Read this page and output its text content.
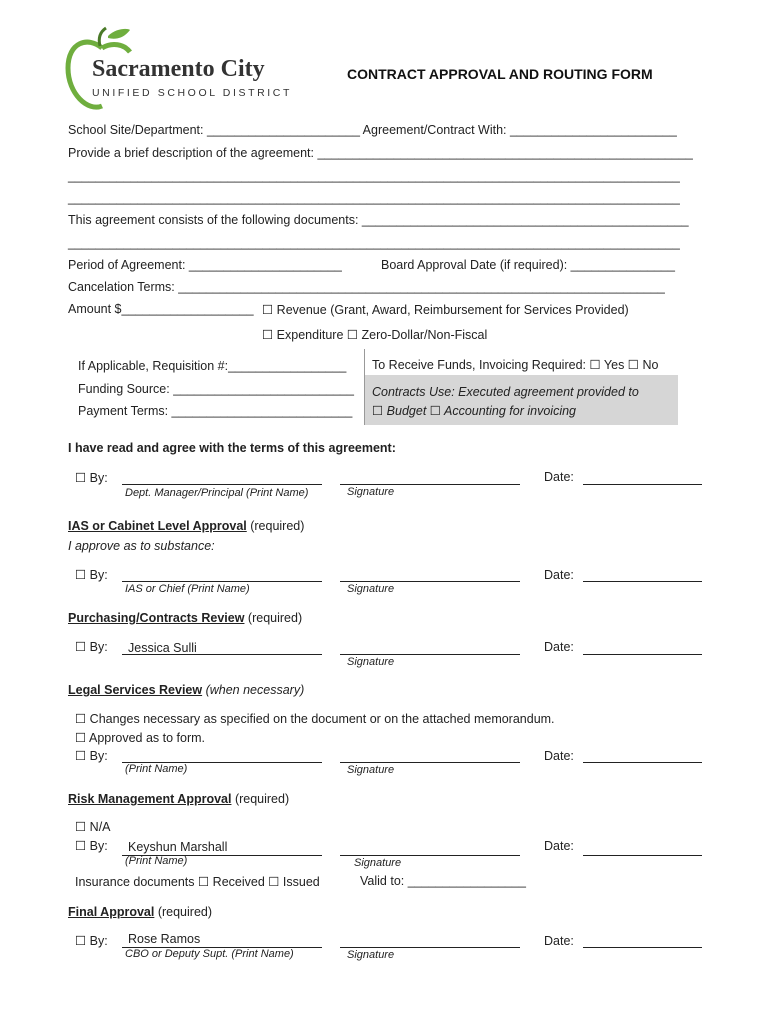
Sacramento City
UNIFIED SCHOOL DISTRICT
CONTRACT APPROVAL AND ROUTING FORM
School Site/Department: ______________________ Agreement/Contract With: ________________________
Provide a brief description of the agreement: ______________________________________________________
________________________________________________________________________________________
________________________________________________________________________________________
This agreement consists of the following documents: _______________________________________________
________________________________________________________________________________________
Period of Agreement: ______________________	Board Approval Date (if required): _______________
Cancelation Terms: ______________________________________________________________________
Amount $___________________ ☐ Revenue (Grant, Award, Reimbursement for Services Provided)
☐ Expenditure ☐ Zero-Dollar/Non-Fiscal
If Applicable, Requisition #:_________________
Funding Source: __________________________
Payment Terms: __________________________
To Receive Funds, Invoicing Required: ☐ Yes ☐ No
Contracts Use: Executed agreement provided to
☐ Budget ☐ Accounting for invoicing
I have read and agree with the terms of this agreement:
☐ By:
Dept. Manager/Principal (Print Name)	Signature
Date:
IAS or Cabinet Level Approval (required)
I approve as to substance:
☐ By:
IAS or Chief (Print Name)	Signature
Date:
Purchasing/Contracts Review (required)
☐ By: Jessica Sulli
Signature
Date:
Legal Services Review (when necessary)
☐ Changes necessary as specified on the document or on the attached memorandum.
☐ Approved as to form.
☐ By:
(Print Name)	Signature
Date:
Risk Management Approval (required)
☐ N/A
☐ By: Keyshun Marshall
(Print Name)	Signature
Date:
Insurance documents ☐ Received ☐ Issued	Valid to: _________________
Final Approval (required)
☐ By: Rose Ramos
CBO or Deputy Supt. (Print Name)	Signature
Date:
